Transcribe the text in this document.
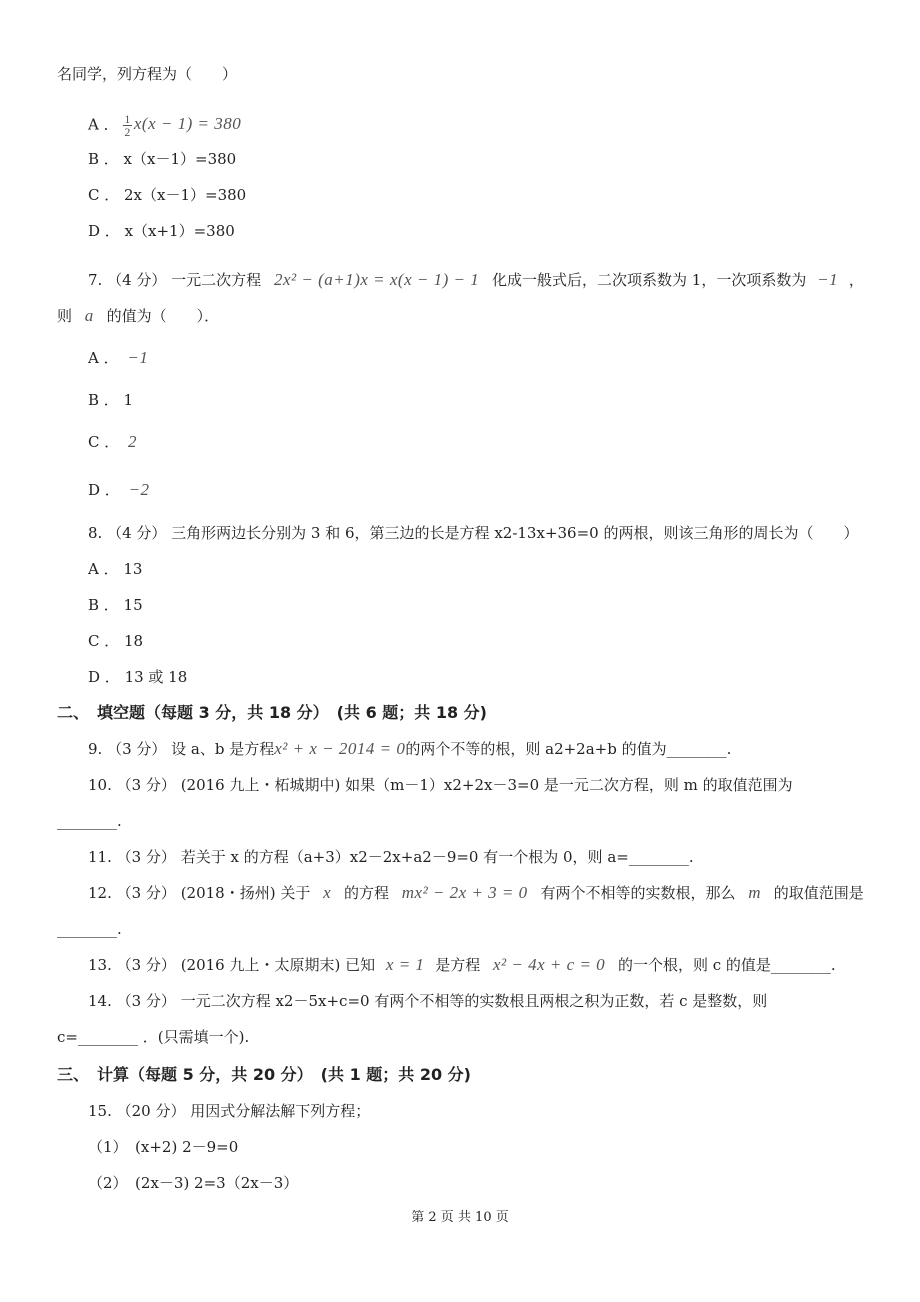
名同学，列方程为（　　）
A ． $\frac{1}{2} x(x - 1) = 380$
B ． x（x－1）=380
C ． 2x（x－1）=380
D ． x（x+1）=380
7. （4 分） 一元二次方程 2x² − (a+1)x = x(x − 1) − 1 化成一般式后，二次项系数为 1，一次项系数为 −1 ，
则 a 的值为（　　）．
A ． −1
B ． 1
C ． 2
D ． −2
8. （4 分） 三角形两边长分别为 3 和 6，第三边的长是方程 x2-13x+36=0 的两根，则该三角形的周长为（　　）
A ． 13
B ． 15
C ． 18
D ． 13 或 18
二、　填空题（每题 3 分，共 18 分）　(共 6 题；共 18 分)
9. （3 分） 设 a、b 是方程x² + x − 2014 = 0的两个不等的根，则 a2+2a+b 的值为________.
10. （3 分） (2016 九上・柘城期中) 如果（m－1）x2+2x－3=0 是一元二次方程，则 m 的取值范围为
________.
11. （3 分） 若关于 x 的方程（a+3）x2－2x+a2－9=0 有一个根为 0，则 a=________.
12. （3 分） (2018・扬州) 关于 x 的方程 mx² − 2x + 3 = 0 有两个不相等的实数根，那么 m 的取值范围是
________.
13. （3 分） (2016 九上・太原期末) 已知 x = 1 是方程 x² − 4x + c = 0 的一个根，则 c 的值是________.
14. （3 分） 一元二次方程 x2－5x+c=0 有两个不相等的实数根且两根之积为正数，若 c 是整数，则
c=________ ．(只需填一个).
三、　计算（每题 5 分，共 20 分）　(共 1 题；共 20 分)
15. （20 分） 用因式分解法解下列方程；
（1）　(x+2) 2－9=0
（2）　(2x－3) 2=3（2x－3）
第 2 页 共 10 页
